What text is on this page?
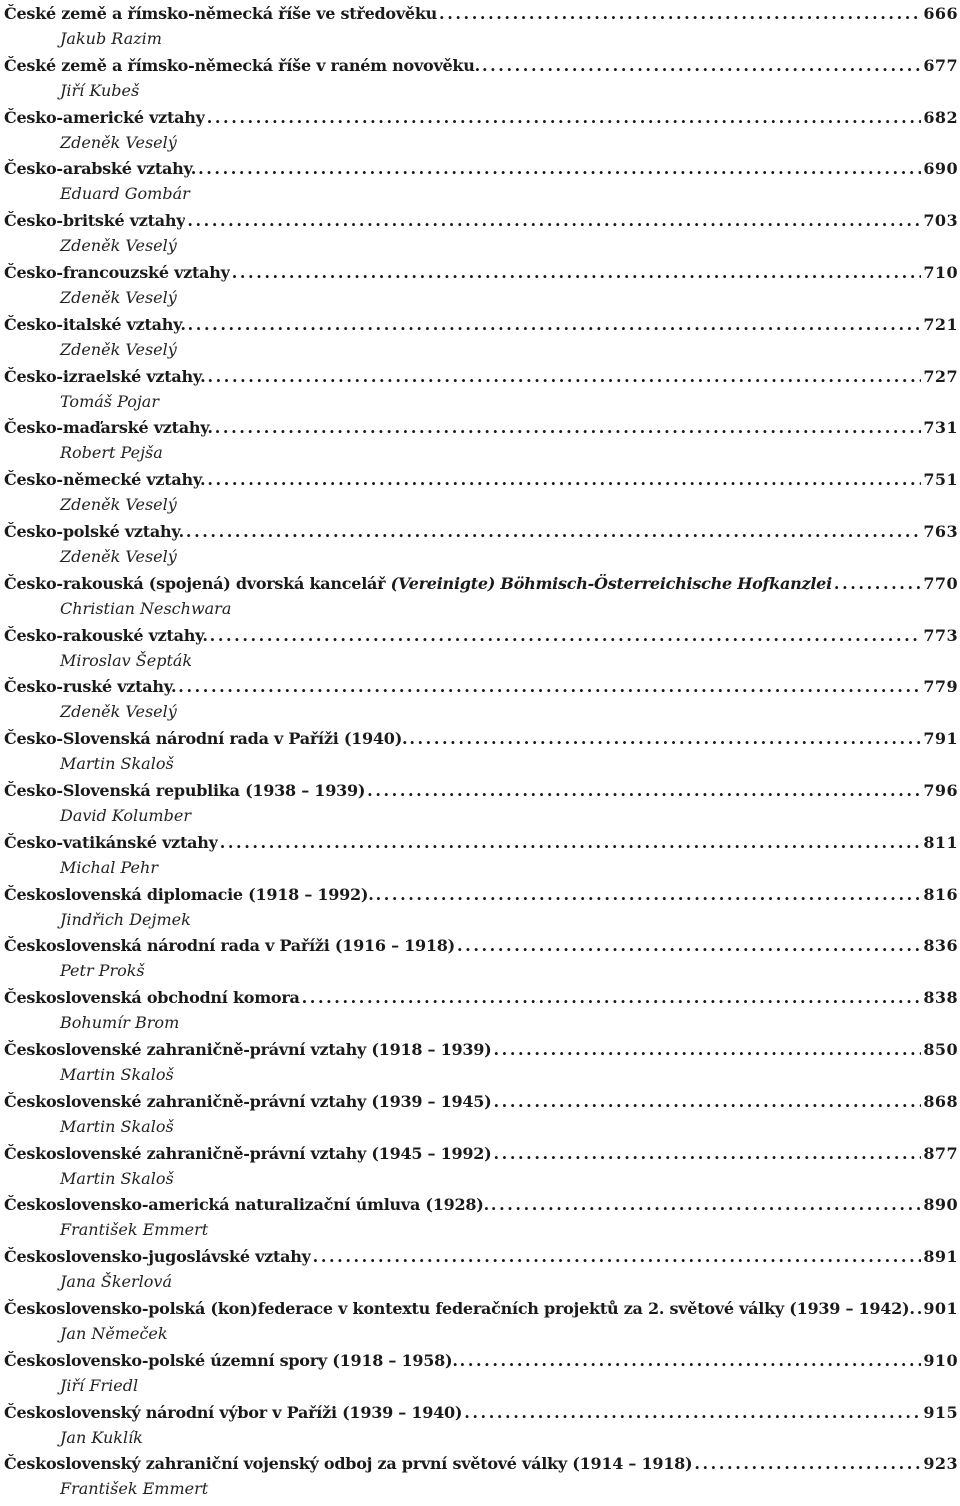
České země a římsko-německá říše ve středověku .....	666
Jakub Razim
České země a římsko-německá říše v raném novověku. .....	677
Jiří Kubeš
Česko-americké vztahy .....	682
Zdeněk Veselý
Česko-arabské vztahy. .....	690
Eduard Gombár
Česko-britské vztahy .....	703
Zdeněk Veselý
Česko-francouzské vztahy .....	710
Zdeněk Veselý
Česko-italské vztahy. .....	721
Zdeněk Veselý
Česko-izraelské vztahy. .....	727
Tomáš Pojar
Česko-maďarské vztahy. .....	731
Robert Pejša
Česko-německé vztahy. .....	751
Zdeněk Veselý
Česko-polské vztahy. .....	763
Zdeněk Veselý
Česko-rakouská (spojená) dvorská kancelář (Vereinigte) Böhmisch-Österreichische Hofkanzlei .....	770
Christian Neschwara
Česko-rakouské vztahy. .....	773
Miroslav Šepták
Česko-ruské vztahy. .....	779
Zdeněk Veselý
Česko-Slovenská národní rada v Paříži (1940). .....	791
Martin Skaloš
Česko-Slovenská republika (1938 – 1939) .....	796
David Kolumber
Česko-vatikánské vztahy .....	811
Michal Pehr
Československá diplomacie (1918 – 1992). .....	816
Jindřich Dejmek
Československá národní rada v Paříži (1916 – 1918) .....	836
Petr Prokš
Československá obchodní komora .....	838
Bohumír Brom
Československé zahraničně-právní vztahy (1918 – 1939) .....	850
Martin Skaloš
Československé zahraničně-právní vztahy (1939 – 1945) .....	868
Martin Skaloš
Československé zahraničně-právní vztahy (1945 – 1992) .....	877
Martin Skaloš
Československo-americká naturalizační úmluva (1928). .....	890
František Emmert
Československo-jugoslávské vztahy .....	891
Jana Škerlová
Československo-polská (kon)federace v kontextu federačních projektů za 2. světové války (1939 – 1942). ..... 901
Jan Němeček
Československo-polské územní spory (1918 – 1958). .....	910
Jiří Friedl
Československý národní výbor v Paříži (1939 – 1940) .....	915
Jan Kuklík
Československý zahraniční vojenský odboj za první světové války (1914 – 1918) .....	923
František Emmert
